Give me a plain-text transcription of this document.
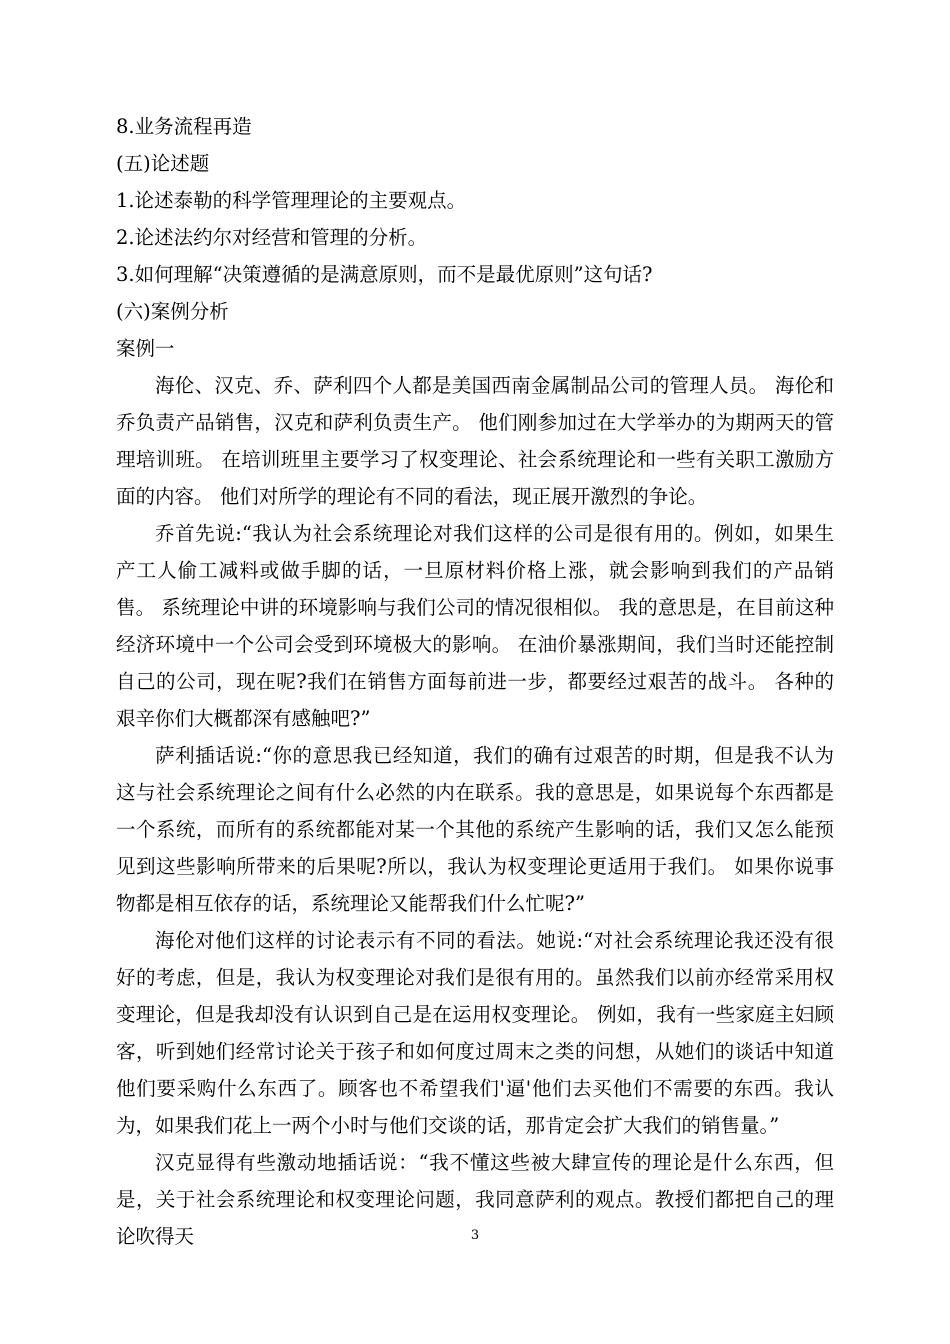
8.业务流程再造

(五)论述题

1.论述泰勒的科学管理理论的主要观点。

2.论述法约尔对经营和管理的分析。

3.如何理解“决策遵循的是满意原则，而不是最优原则”这句话?

(六)案例分析

案例一

海伦、汉克、乔、萨利四个人都是美国西南金属制品公司的管理人员。 海伦和乔负责产品销售，汉克和萨利负责生产。 他们刚参加过在大学举办的为期两天的管理培训班。 在培训班里主要学习了权变理论、社会系统理论和一些有关职工激励方面的内容。 他们对所学的理论有不同的看法，现正展开激烈的争论。

乔首先说:“我认为社会系统理论对我们这样的公司是很有用的。例如，如果生产工人偷工减料或做手脚的话，一旦原材料价格上涨，就会影响到我们的产品销售。 系统理论中讲的环境影响与我们公司的情况很相似。 我的意思是，在目前这种经济环境中一个公司会受到环境极大的影响。 在油价暴涨期间，我们当时还能控制自己的公司，现在呢?我们在销售方面每前进一步，都要经过艰苦的战斗。 各种的艰辛你们大概都深有感触吧?”

萨利插话说:“你的意思我已经知道，我们的确有过艰苦的时期，但是我不认为这与社会系统理论之间有什么必然的内在联系。我的意思是，如果说每个东西都是一个系统，而所有的系统都能对某一个其他的系统产生影响的话，我们又怎么能预见到这些影响所带来的后果呢?所以，我认为权变理论更适用于我们。 如果你说事物都是相互依存的话，系统理论又能帮我们什么忙呢?”

海伦对他们这样的讨论表示有不同的看法。她说:“对社会系统理论我还没有很好的考虑，但是，我认为权变理论对我们是很有用的。虽然我们以前亦经常采用权变理论，但是我却没有认识到自己是在运用权变理论。 例如，我有一些家庭主妇顾客，听到她们经常讨论关于孩子和如何度过周末之类的问想，从她们的谈话中知道他们要采购什么东西了。顾客也不希望我们'逼'他们去买他们不需要的东西。我认为，如果我们花上一两个小时与他们交谈的话，那肯定会扩大我们的销售量。”

汉克显得有些激动地插话说：“我不懂这些被大肆宣传的理论是什么东西，但是，关于社会系统理论和权变理论问题，我同意萨利的观点。教授们都把自己的理论吹得天	3
